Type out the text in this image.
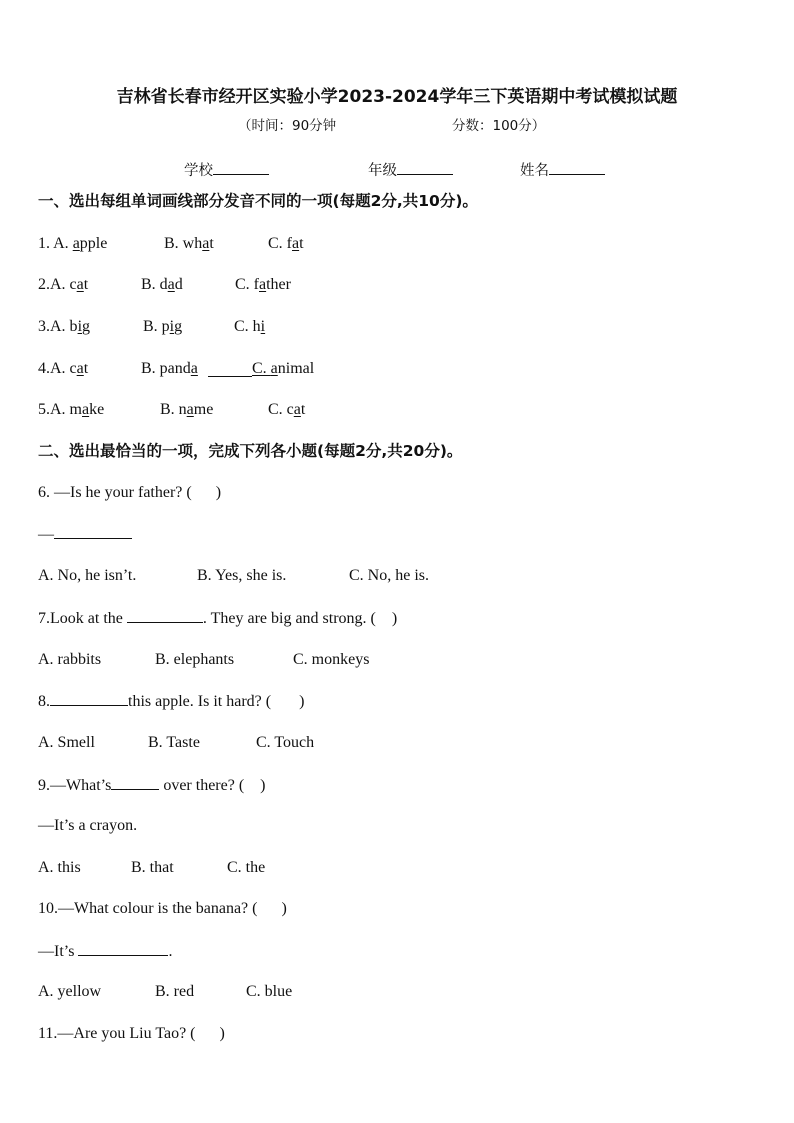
吉林省长春市经开区实验小学2023-2024学年三下英语期中考试模拟试题
（时间：90分钟	分数：100分）
学校	年级	姓名
一、选出每组单词画线部分发音不同的一项(每题2分,共10分)。
1. A. apple	B. what	C. fat
2.A. cat	B. dad	C. father
3.A. big	B. pig	C. hi
4.A. cat	B. panda	C. animal
5.A. make	B. name	C. cat
二、选出最恰当的一项，完成下列各小题(每题2分,共20分)。
6. —Is he your father? (      )
—
A. No, he isn’t.	B. Yes, she is.	C. No, he is.
7.Look at the	. They are big and strong. (    )
A. rabbits	B. elephants	C. monkeys
8.	this apple. Is it hard? (       )
A. Smell	B. Taste	C. Touch
9.—What’s	over there? (    )
—It’s a crayon.
A. this	B. that	C. the
10.—What colour is the banana? (      )
—It’s	.
A. yellow	B. red	C. blue
11.—Are you Liu Tao? (      )
